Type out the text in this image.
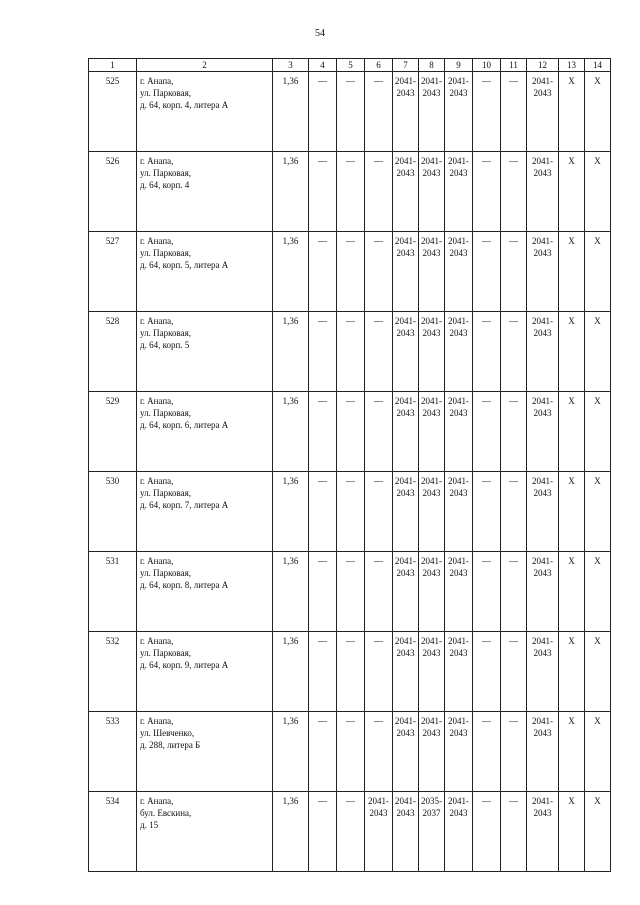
54
1	2	3	4	5	6	7	8	9	10	11	12	13	14
525	г. Анапа,
ул. Парковая,
д. 64, корп. 4, литера А	1,36	—	—	—	2041-
2043	2041-
2043	2041-
2043	—	—	2041-
2043	X	X
526	г. Анапа,
ул. Парковая,
д. 64, корп. 4	1,36	—	—	—	2041-
2043	2041-
2043	2041-
2043	—	—	2041-
2043	X	X
527	г. Анапа,
ул. Парковая,
д. 64, корп. 5, литера А	1,36	—	—	—	2041-
2043	2041-
2043	2041-
2043	—	—	2041-
2043	X	X
528	г. Анапа,
ул. Парковая,
д. 64, корп. 5	1,36	—	—	—	2041-
2043	2041-
2043	2041-
2043	—	—	2041-
2043	X	X
529	г. Анапа,
ул. Парковая,
д. 64, корп. 6, литера А	1,36	—	—	—	2041-
2043	2041-
2043	2041-
2043	—	—	2041-
2043	X	X
530	г. Анапа,
ул. Парковая,
д. 64, корп. 7, литера А	1,36	—	—	—	2041-
2043	2041-
2043	2041-
2043	—	—	2041-
2043	X	X
531	г. Анапа,
ул. Парковая,
д. 64, корп. 8, литера А	1,36	—	—	—	2041-
2043	2041-
2043	2041-
2043	—	—	2041-
2043	X	X
532	г. Анапа,
ул. Парковая,
д. 64, корп. 9, литера А	1,36	—	—	—	2041-
2043	2041-
2043	2041-
2043	—	—	2041-
2043	X	X
533	г. Анапа,
ул. Шевченко,
д. 288, литера Б	1,36	—	—	—	2041-
2043	2041-
2043	2041-
2043	—	—	2041-
2043	X	X
534	г. Анапа,
бул. Евскина,
д. 15	1,36	—	—	2041-
2043	2041-
2043	2035-
2037	2041-
2043	—	—	2041-
2043	X	X
